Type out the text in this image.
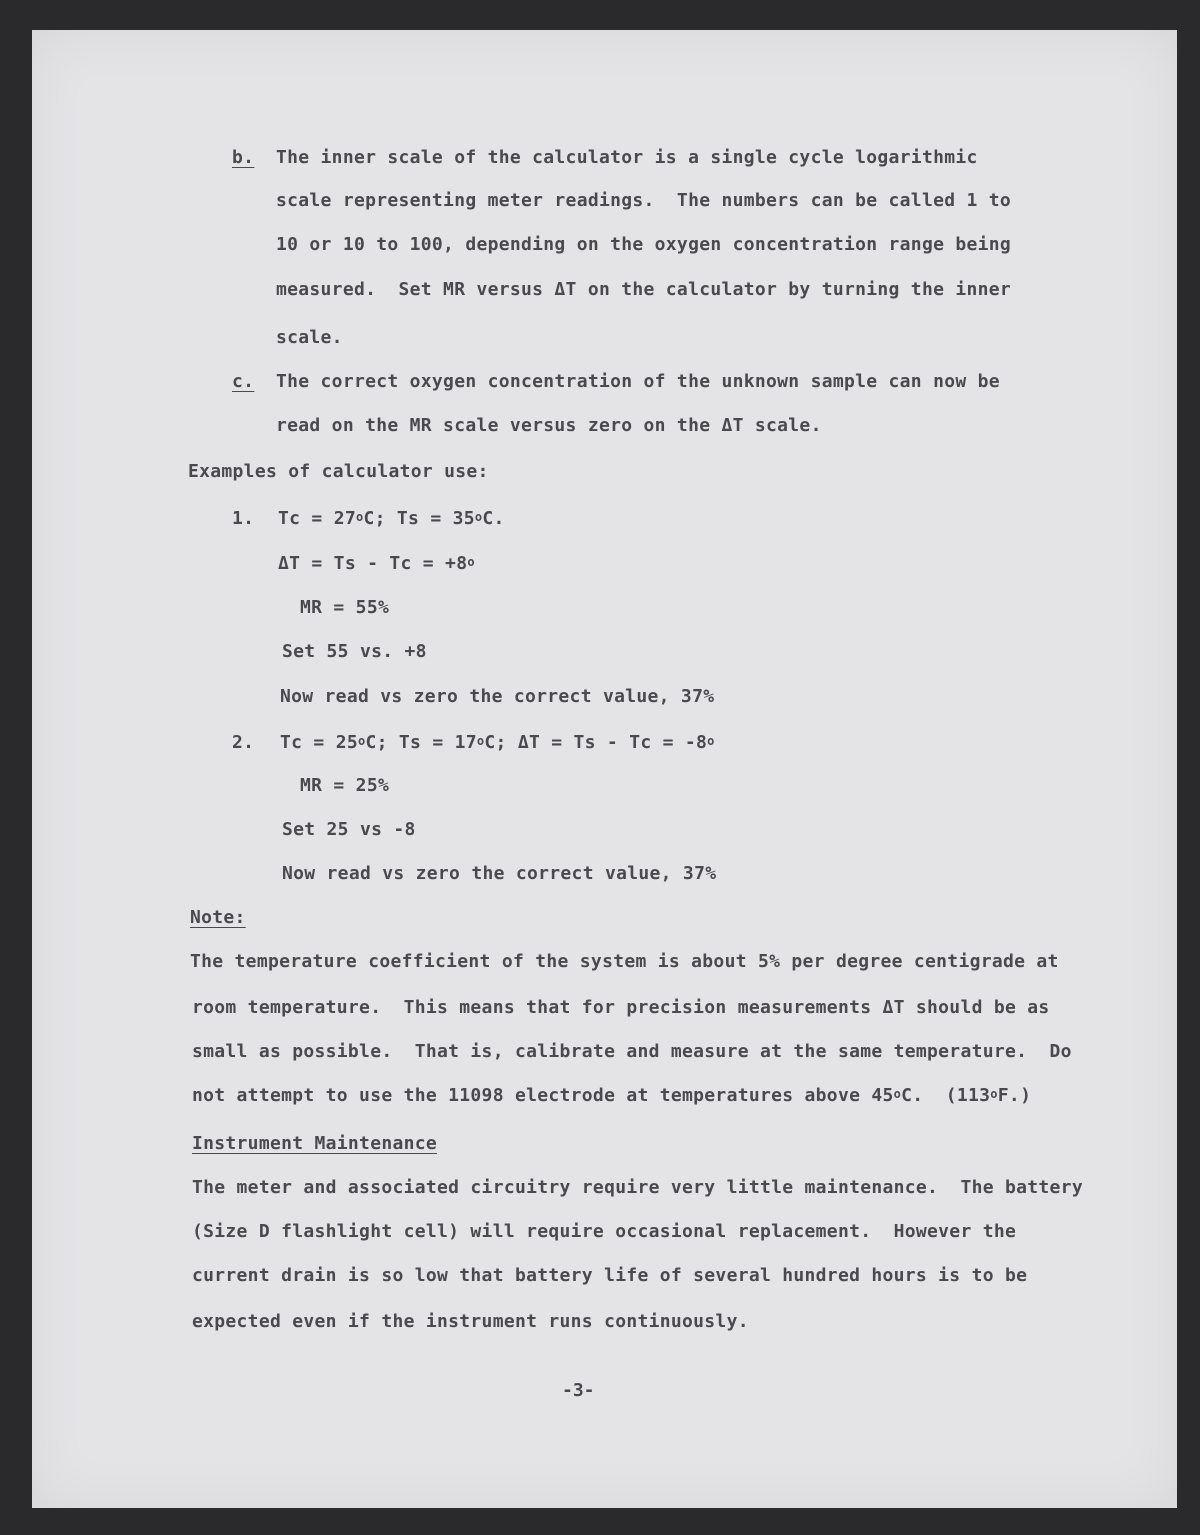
b. The inner scale of the calculator is a single cycle logarithmic
scale representing meter readings.  The numbers can be called 1 to
10 or 10 to 100, depending on the oxygen concentration range being
measured.  Set MR versus ΔT on the calculator by turning the inner
scale.
c. The correct oxygen concentration of the unknown sample can now be
read on the MR scale versus zero on the ΔT scale.
Examples of calculator use:
1. $Tc = 27^oC$; $Ts = 35^oC$.
$\Delta T = Ts - Tc = +8^o$
MR = 55%
Set 55 vs. +8
Now read vs zero the correct value, 37%
2. $Tc = 25^oC$; $Ts = 17^oC$; $\Delta T = Ts - Tc = -8^o$
MR = 25%
Set 25 vs -8
Now read vs zero the correct value, 37%
Note:
The temperature coefficient of the system is about 5% per degree centigrade at
room temperature.  This means that for precision measurements ΔT should be as
small as possible.  That is, calibrate and measure at the same temperature.  Do
not attempt to use the 11098 electrode at temperatures above 45$^o$C.  (113$^o$F.)
Instrument Maintenance
The meter and associated circuitry require very little maintenance.  The battery
(Size D flashlight cell) will require occasional replacement.  However the
current drain is so low that battery life of several hundred hours is to be
expected even if the instrument runs continuously.
-3-
